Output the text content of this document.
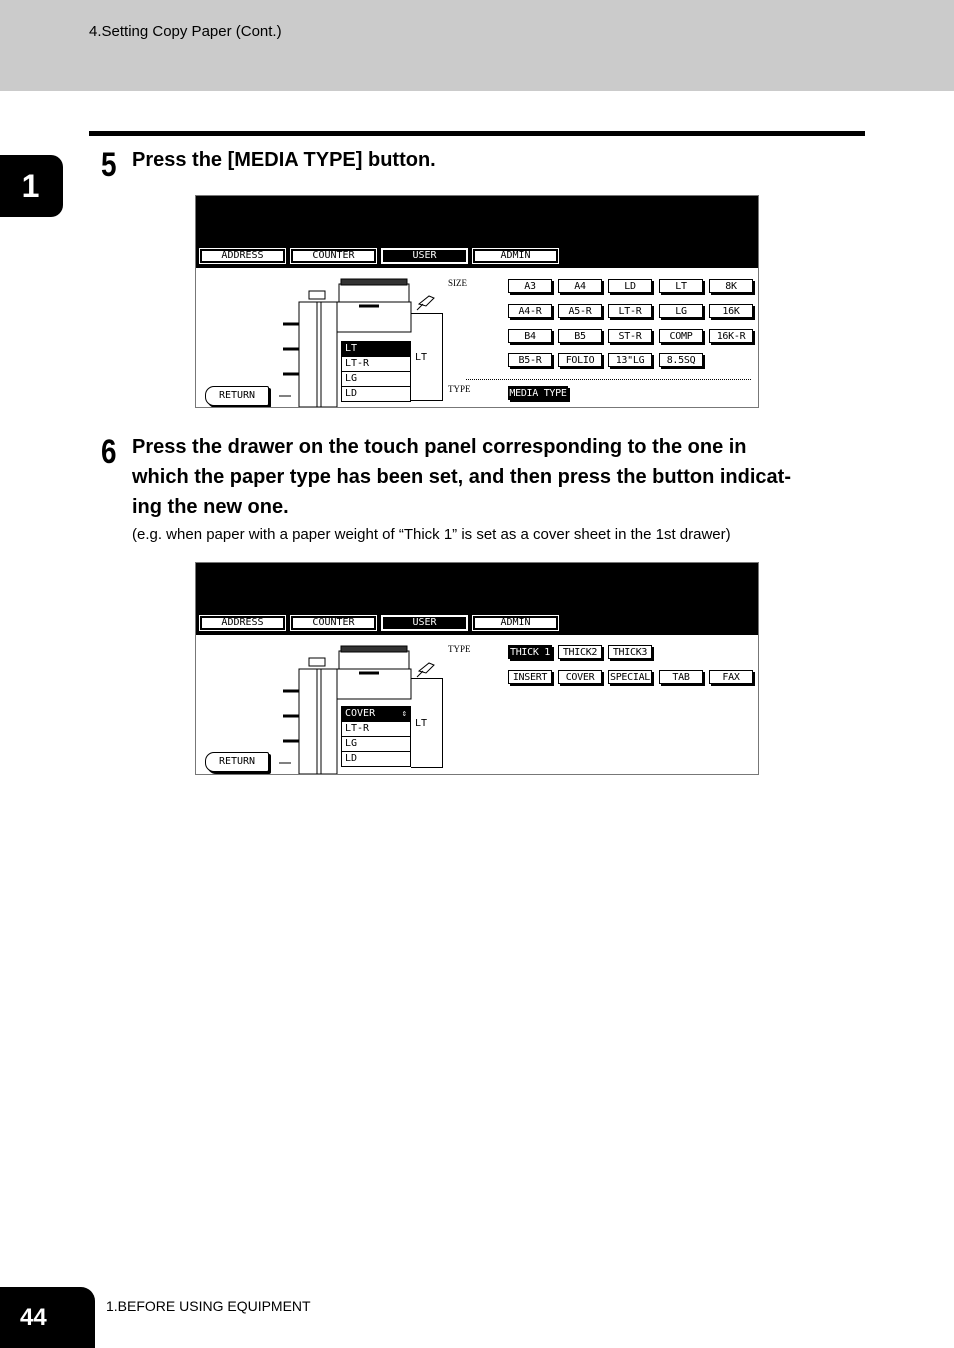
4.Setting Copy Paper (Cont.)
1
5 Press the [MEDIA TYPE] button.
ADDRESS	COUNTER	USER	ADMIN
LT
LT-R
LG
LD
LT
SIZE
TYPE
A3	A4	LD	LT	8K
A4-R	A5-R	LT-R	LG	16K
B4	B5	ST-R	COMP	16K-R
B5-R	FOLIO	13"LG	8.5SQ
MEDIA TYPE
RETURN
6 Press the drawer on the touch panel corresponding to the one in
which the paper type has been set, and then press the button indicat-
ing the new one.
(e.g. when paper with a paper weight of “Thick 1” is set as a cover sheet in the 1st drawer)
ADDRESS	COUNTER	USER	ADMIN
COVER	⇕
LT-R
LG
LD
LT
TYPE	THICK 1	THICK2	THICK3
INSERT	COVER	SPECIAL	TAB	FAX
RETURN
44	1.BEFORE USING EQUIPMENT
